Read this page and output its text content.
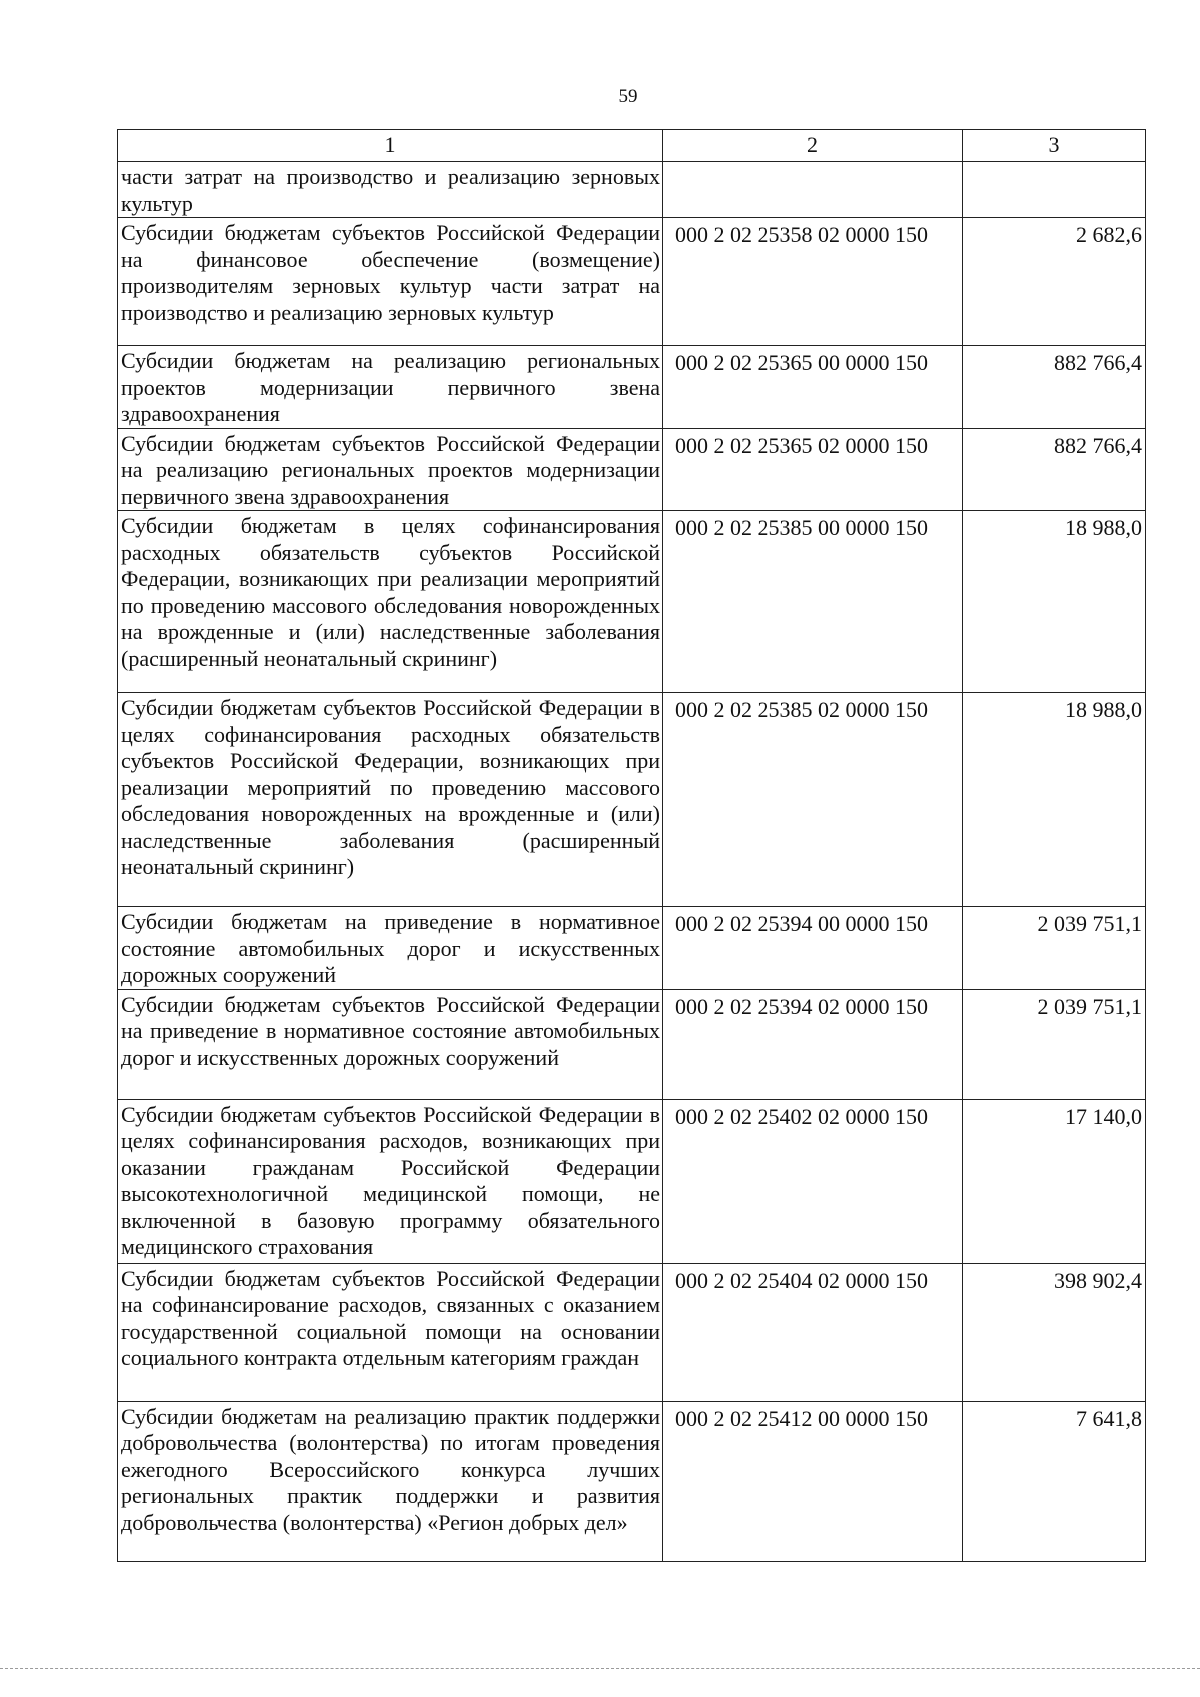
59
1	2	3
части затрат на производство и реализацию зерновых культур		
Субсидии бюджетам субъектов Российской Федерации на финансовое обеспечение (возмещение) производителям зерновых культур части затрат на производство и реализацию зерновых культур	000 2 02 25358 02 0000 150	2 682,6
Субсидии бюджетам на реализацию региональных проектов модернизации первичного звена здравоохранения	000 2 02 25365 00 0000 150	882 766,4
Субсидии бюджетам субъектов Российской Федерации на реализацию региональных проектов модернизации первичного звена здравоохранения	000 2 02 25365 02 0000 150	882 766,4
Субсидии бюджетам в целях софинансирования расходных обязательств субъектов Российской Федерации, возникающих при реализации мероприятий по проведению массового обследования новорожденных на врожденные и (или) наследственные заболевания (расширенный неонатальный скрининг)	000 2 02 25385 00 0000 150	18 988,0
Субсидии бюджетам субъектов Российской Федерации в целях софинансирования расходных обязательств субъектов Российской Федерации, возникающих при реализации мероприятий по проведению массового обследования новорожденных на врожденные и (или) наследственные заболевания (расширенный неонатальный скрининг)	000 2 02 25385 02 0000 150	18 988,0
Субсидии бюджетам на приведение в нормативное состояние автомобильных дорог и искусственных дорожных сооружений	000 2 02 25394 00 0000 150	2 039 751,1
Субсидии бюджетам субъектов Российской Федерации на приведение в нормативное состояние автомобильных дорог и искусственных дорожных сооружений	000 2 02 25394 02 0000 150	2 039 751,1
Субсидии бюджетам субъектов Российской Федерации в целях софинансирования расходов, возникающих при оказании гражданам Российской Федерации высокотехнологичной медицинской помощи, не включенной в базовую программу обязательного медицинского страхования	000 2 02 25402 02 0000 150	17 140,0
Субсидии бюджетам субъектов Российской Федерации на софинансирование расходов, связанных с оказанием государственной социальной помощи на основании социального контракта отдельным категориям граждан	000 2 02 25404 02 0000 150	398 902,4
Субсидии бюджетам на реализацию практик поддержки добровольчества (волонтерства) по итогам проведения ежегодного Всероссийского конкурса лучших региональных практик поддержки и развития добровольчества (волонтерства) «Регион добрых дел»	000 2 02 25412 00 0000 150	7 641,8
